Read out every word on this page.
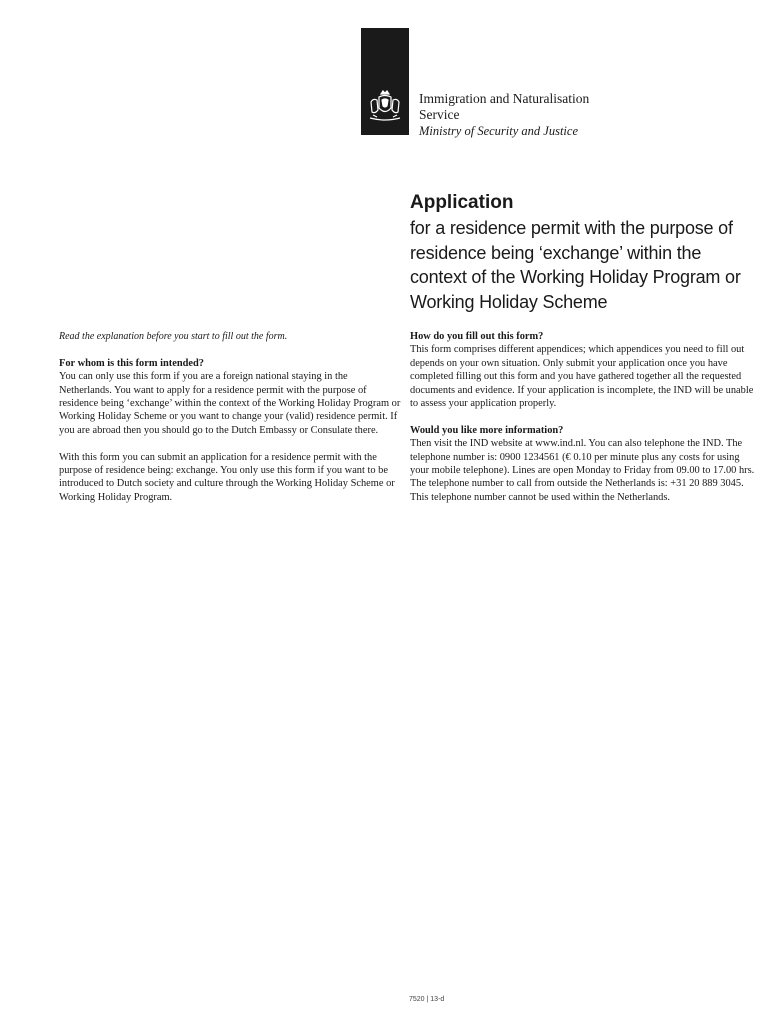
Immigration and Naturalisation
Service
Ministry of Security and Justice
Application
for a residence permit with the purpose of residence being ‘exchange’ within the context of the Working Holiday Program or Working Holiday Scheme

Read the explanation before you start to fill out the form.

For whom is this form intended?
You can only use this form if you are a foreign national staying in the Netherlands. You want to apply for a residence permit with the purpose of residence being ‘exchange’ within the context of the Working Holiday Program or Working Holiday Scheme or you want to change your (valid) residence permit. If you are abroad then you should go to the Dutch Embassy or Consulate there.

With this form you can submit an application for a residence permit with the purpose of residence being: exchange. You only use this form if you want to be introduced to Dutch society and culture through the Working Holiday Scheme or Working Holiday Program.

How do you fill out this form?
This form comprises different appendices; which appendices you need to fill out depends on your own situation. Only submit your application once you have completed filling out this form and you have gathered together all the requested documents and evidence. If your application is incomplete, the IND will be unable to assess your application properly.

Would you like more information?
Then visit the IND website at www.ind.nl. You can also telephone the IND. The telephone number is: 0900 1234561 (€ 0.10 per minute plus any costs for using your mobile telephone). Lines are open Monday to Friday from 09.00 to 17.00 hrs. The telephone number to call from outside the Netherlands is: +31 20 889 3045. This telephone number cannot be used within the Netherlands.

7520 | 13-d
